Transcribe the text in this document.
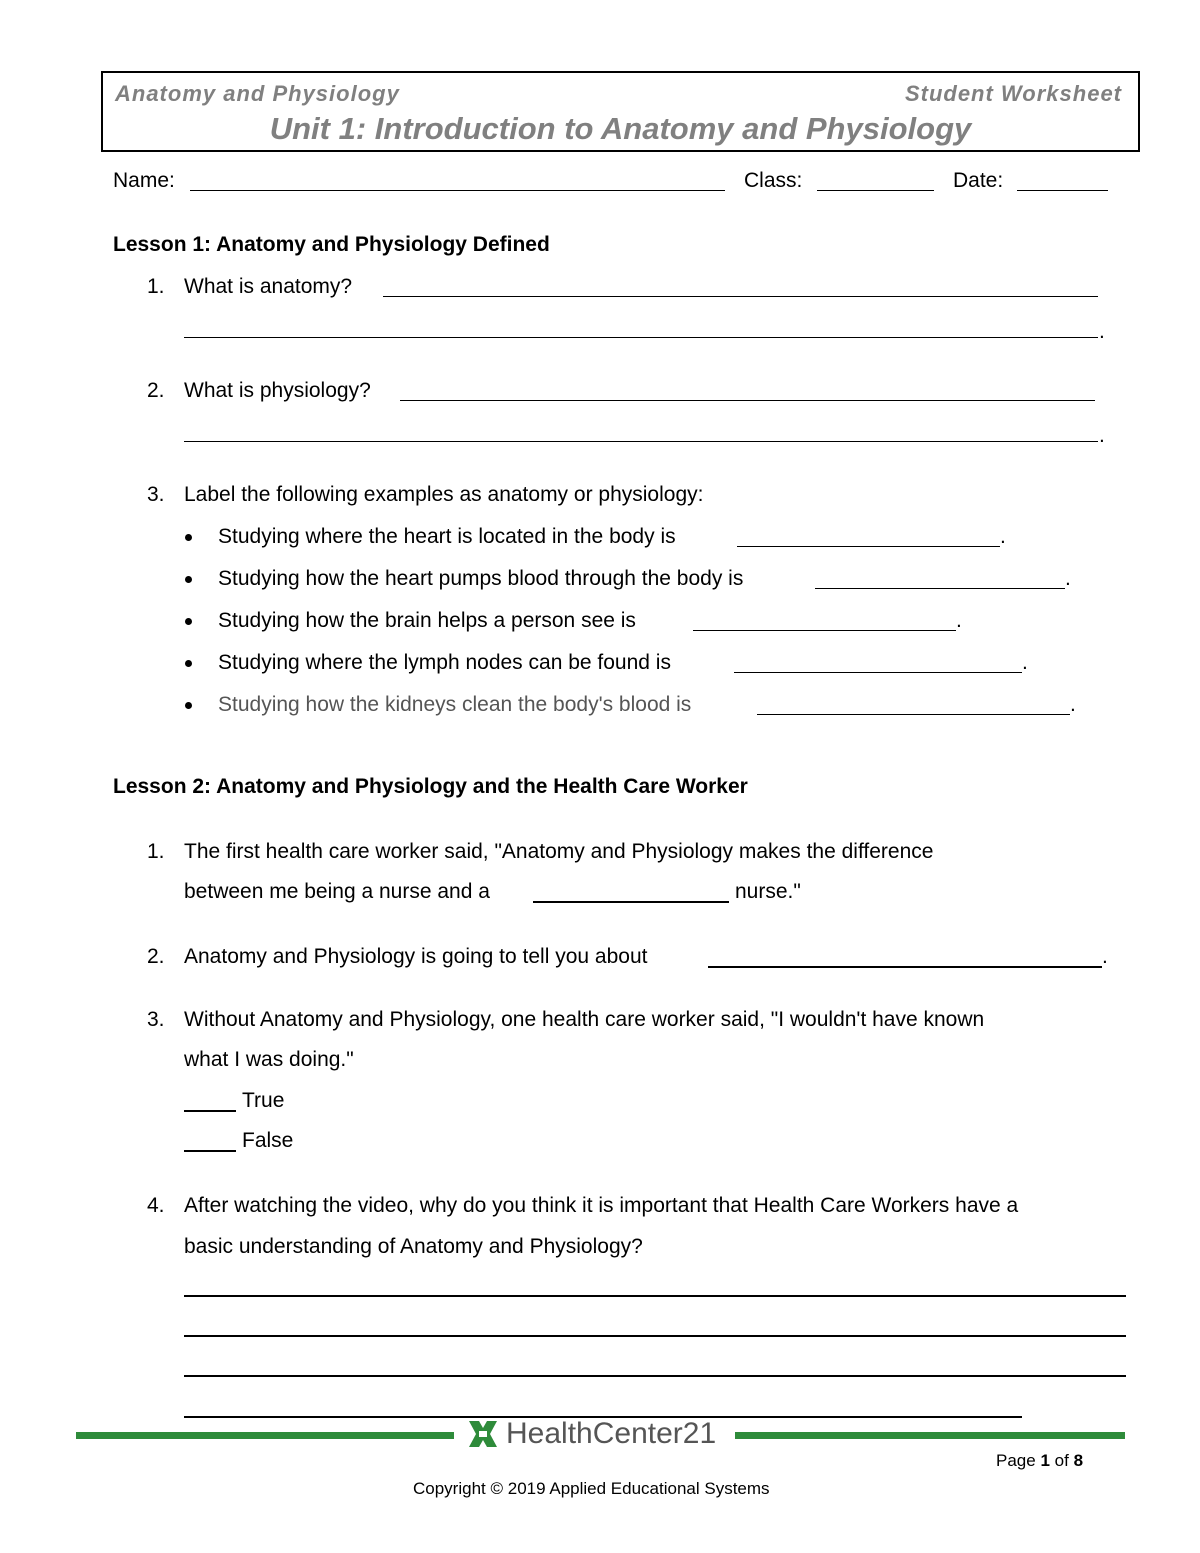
Anatomy and Physiology	Student Worksheet
Unit 1: Introduction to Anatomy and Physiology
Name:	Class:	Date:
Lesson 1: Anatomy and Physiology Defined
1. What is anatomy?
.
2. What is physiology?
.
3. Label the following examples as anatomy or physiology:
Studying where the heart is located in the body is	.
Studying how the heart pumps blood through the body is	.
Studying how the brain helps a person see is	.
Studying where the lymph nodes can be found is	.
Studying how the kidneys clean the body's blood is	.
Lesson 2: Anatomy and Physiology and the Health Care Worker
1. The first health care worker said, "Anatomy and Physiology makes the difference
between me being a nurse and a	nurse."
2. Anatomy and Physiology is going to tell you about	.
3. Without Anatomy and Physiology, one health care worker said, "I wouldn't have known
what I was doing."
True
False
4. After watching the video, why do you think it is important that Health Care Workers have a
basic understanding of Anatomy and Physiology?
HealthCenter21
Page 1 of 8
Copyright © 2019 Applied Educational Systems
